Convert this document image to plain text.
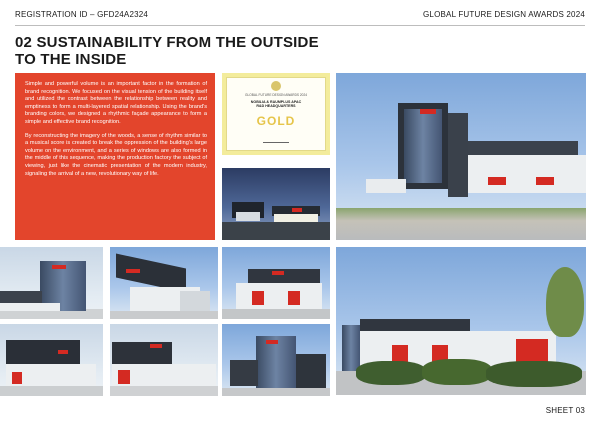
REGISTRATION ID – GFD24A2324	GLOBAL FUTURE DESIGN AWARDS 2024
02 SUSTAINABILITY FROM THE OUTSIDE
TO THE INSIDE

Simple and powerful volume is an important factor in the formation of brand recognition. We focused on the visual tension of the building itself and utilized the contrast between the relationship between reality and emptiness to form a multi-layered spatial relationship. Using the brand's branding colors, we designed a rhythmic façade appearance to form a simple and effective brand recognition.

By reconstructing the imagery of the woods, a sense of rhythm similar to a musical score is created to break the oppression of the building's large volume on the environment, and a series of windows are also formed in the middle of this sequence, making the production factory the subject of viewing, just like the cinematic presentation of the modern industry, signaling the arrival of a new, revolutionary way of life.

GLOBAL FUTURE DESIGN AWARDS 2024
NOBILIA & RAUMPLUS APAC
R&D HEADQUARTERS
GOLD
SHEET 03
